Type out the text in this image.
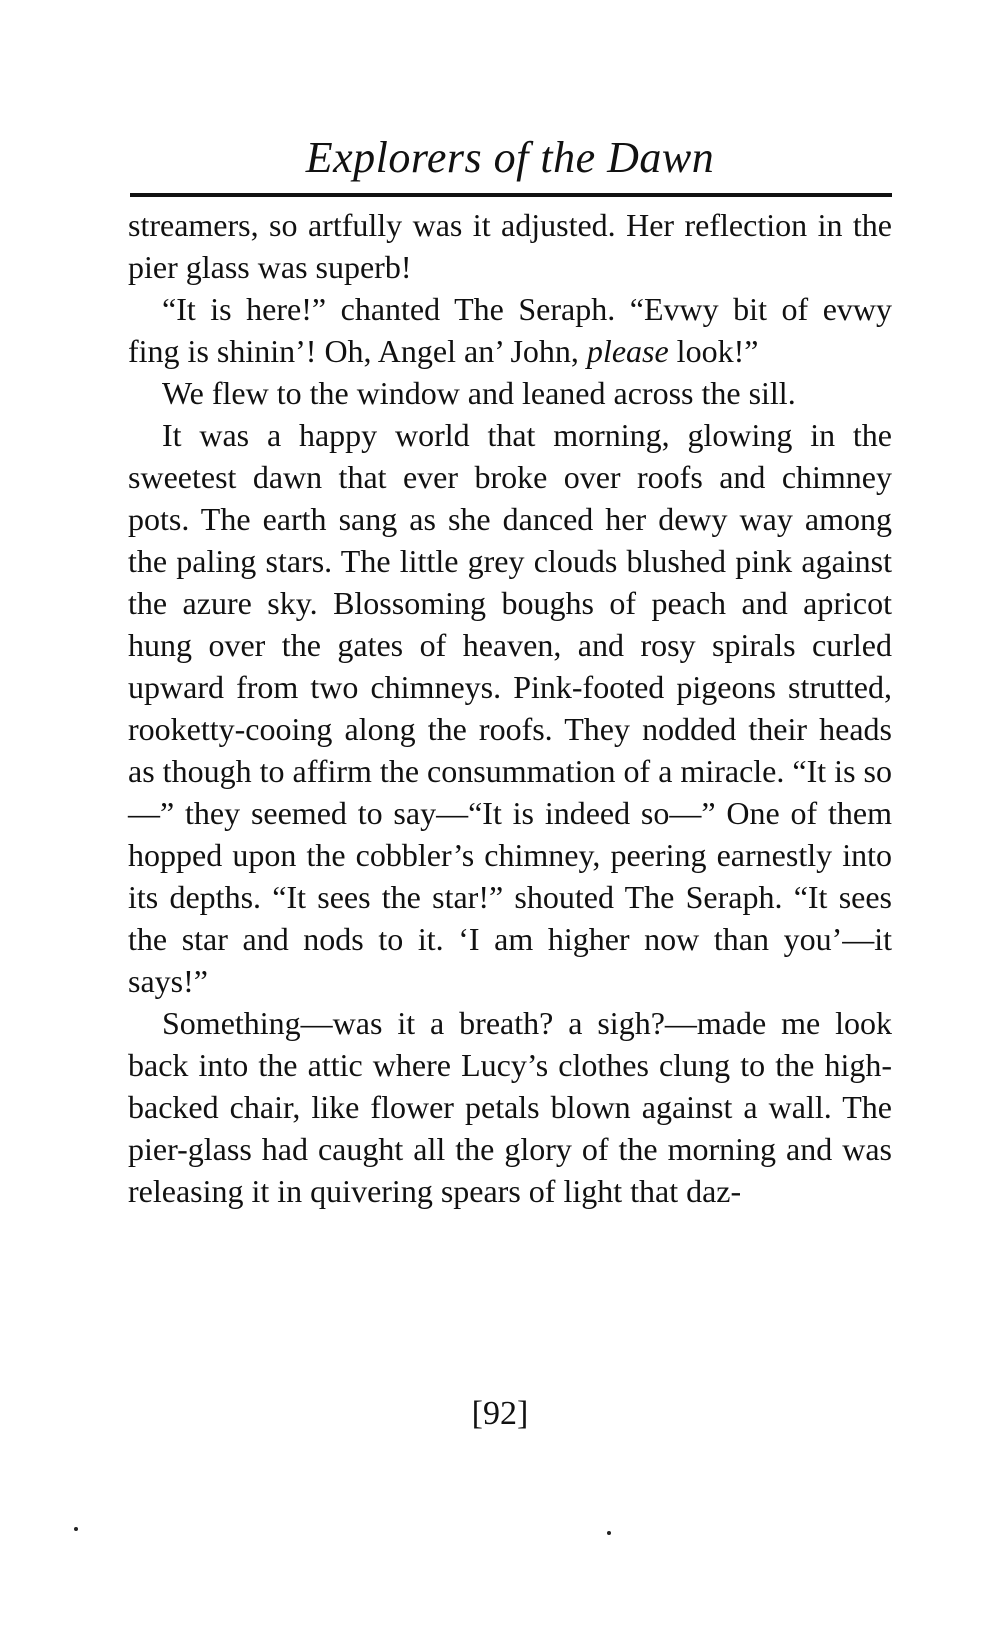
Explorers of the Dawn

streamers, so artfully was it adjusted. Her reflection in the pier glass was superb!

“It is here!” chanted The Seraph. “Evwy bit of evwy fing is shinin’! Oh, Angel an’ John, please look!”

We flew to the window and leaned across the sill.

It was a happy world that morning, glowing in the sweetest dawn that ever broke over roofs and chimney pots. The earth sang as she danced her dewy way among the paling stars. The little grey clouds blushed pink against the azure sky. Blossoming boughs of peach and apricot hung over the gates of heaven, and rosy spirals curled upward from two chimneys. Pink-footed pigeons strutted, rooketty-cooing along the roofs. They nodded their heads as though to affirm the consummation of a miracle. “It is so—” they seemed to say—“It is indeed so—” One of them hopped upon the cobbler’s chimney, peering earnestly into its depths. “It sees the star!” shouted The Seraph. “It sees the star and nods to it. ‘I am higher now than you’—it says!”

Something—was it a breath? a sigh?—made me look back into the attic where Lucy’s clothes clung to the high-backed chair, like flower petals blown against a wall. The pier-glass had caught all the glory of the morning and was releasing it in quivering spears of light that daz-

[92]
